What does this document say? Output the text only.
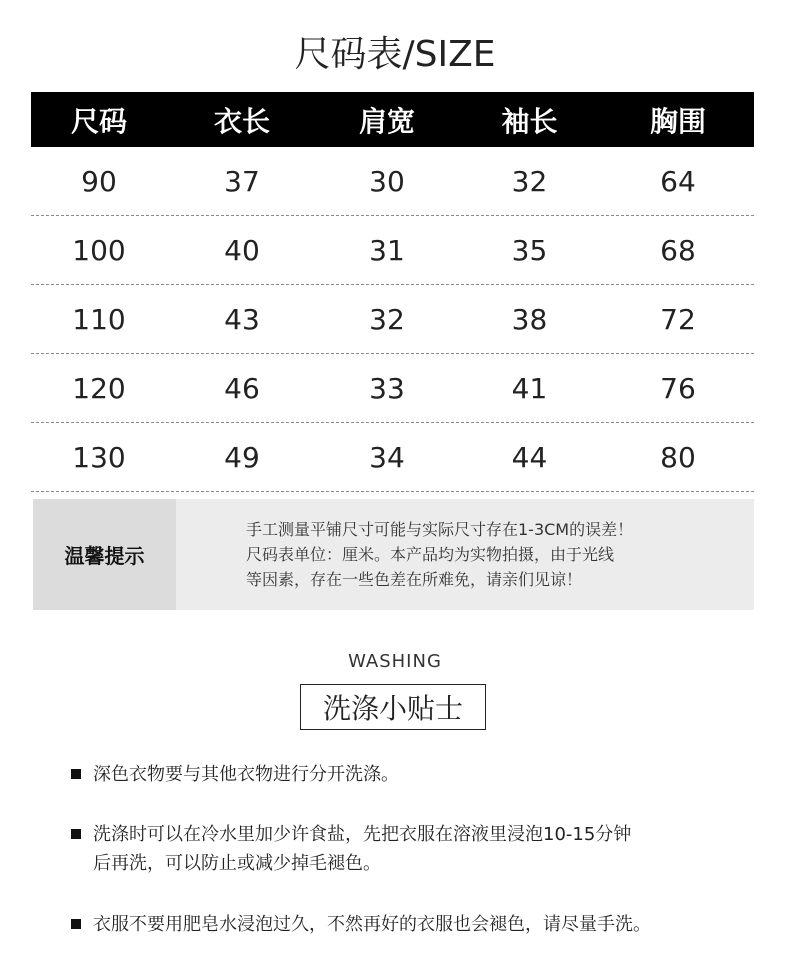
尺码表/SIZE
尺码	衣长	肩宽	袖长	胸围
90	37	30	32	64
100	40	31	35	68
110	43	32	38	72
120	46	33	41	76
130	49	34	44	80
温馨提示
手工测量平铺尺寸可能与实际尺寸存在1-3CM的误差！
尺码表单位：厘米。本产品均为实物拍摄，由于光线
等因素，存在一些色差在所难免，请亲们见谅！
WASHING
洗涤小贴士
深色衣物要与其他衣物进行分开洗涤。
洗涤时可以在冷水里加少许食盐，先把衣服在溶液里浸泡10-15分钟
后再洗，可以防止或减少掉毛褪色。
衣服不要用肥皂水浸泡过久，不然再好的衣服也会褪色，请尽量手洗。
